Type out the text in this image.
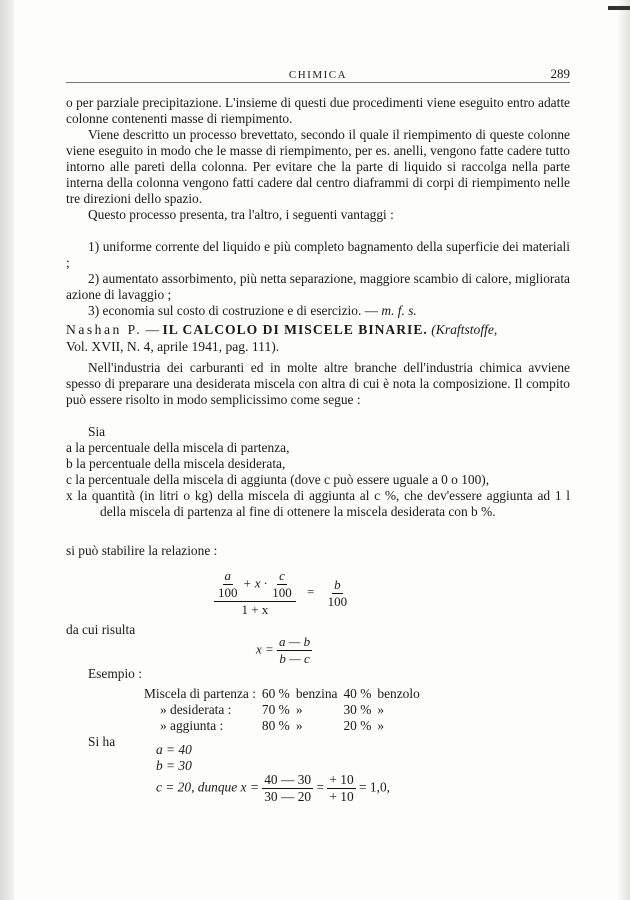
CHIMICA	289

o per parziale precipitazione. L'insieme di questi due procedimenti viene eseguito entro adatte colonne contenenti masse di riempimento.

Viene descritto un processo brevettato, secondo il quale il riempimento di queste colonne viene eseguito in modo che le masse di riempimento, per es. anelli, vengono fatte cadere tutto intorno alle pareti della colonna. Per evitare che la parte di liquido si raccolga nella parte interna della colonna vengono fatti cadere dal centro diaframmi di corpi di riempimento nelle tre direzioni dello spazio.

Questo processo presenta, tra l'altro, i seguenti vantaggi :

1) uniforme corrente del liquido e più completo bagnamento della superficie dei materiali ;

2) aumentato assorbimento, più netta separazione, maggiore scambio di calore, migliorata azione di lavaggio ;

3) economia sul costo di costruzione e di esercizio. — m. f. s.

Nashan P. — IL CALCOLO DI MISCELE BINARIE. (Kraftstoffe,

Vol. XVII, N. 4, aprile 1941, pag. 111).

Nell'industria dei carburanti ed in molte altre branche dell'industria chimica avviene spesso di preparare una desiderata miscela con altra di cui è nota la composizione. Il compito può essere risolto in modo semplicissimo come segue :

Sia

a la percentuale della miscela di partenza,

b la percentuale della miscela desiderata,

c la percentuale della miscela di aggiunta (dove c può essere uguale a 0 o 100),

x la quantità (in litri o kg) della miscela di aggiunta al c %, che dev'essere aggiunta ad 1 l della miscela di partenza al fine di ottenere la miscela desiderata con b %.

si può stabilire la relazione :

$\frac{\frac{a}{100} + x \cdot \frac{c}{100}}{1 + x} = \frac{b}{100}$
da cui risulta
$x = \frac{a — b}{b — c}$
Esempio :
Miscela di partenza :	60 %	benzina	40 %	benzolo
» desiderata :	70 %	»	30 %	»
» aggiunta :	80 %	»	20 %	»
Si ha
a = 40
b = 30
c = 20, dunque $x = \frac{40 — 30}{30 — 20} = \frac{+ 10}{+ 10} = 1,0$,
